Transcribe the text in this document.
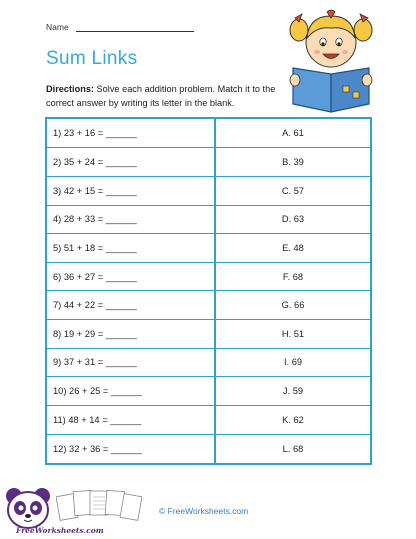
Name
Sum Links
Directions: Solve each addition problem. Match it to the correct answer by writing its letter in the blank.
1) 23 + 16 = ______	A. 61
2) 35 + 24 = ______	B. 39
3) 42 + 15 = ______	C. 57
4) 28 + 33 = ______	D. 63
5) 51 + 18 = ______	E. 48
6) 36 + 27 = ______	F. 68
7) 44 + 22 = ______	G. 66
8) 19 + 29 = ______	H. 51
9) 37 + 31 = ______	I. 69
10) 26 + 25 = ______	J. 59
11) 48 + 14 = ______	K. 62
12) 32 + 36 = ______	L. 68
FreeWorksheets.com
© FreeWorksheets.com
